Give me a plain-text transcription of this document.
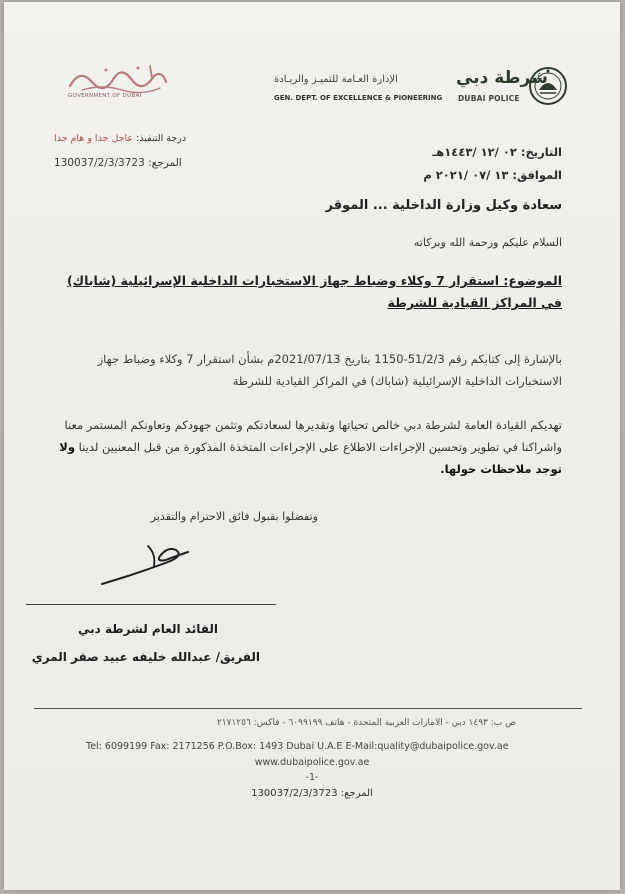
شرطة دبي
DUBAI POLICE
الإدارة العـامة للتميـز والريـادة
GEN. DEPT. OF EXCELLENCE & PIONEERING
GOVERNMENT OF DUBAI
التاريخ: ٠٢ /١٢ /١٤٤٣هـ
الموافق: ١٣ /٠٧ /٢٠٢١ م
درجة التنفيذ: عاجل جدا و هام جدا
المرجع: 130037/2/3/3723
سعادة وكيل وزارة الداخلية ... الموقر
السلام عليكم ورحمة الله وبركاته
الموضوع: استقرار 7 وكلاء وضباط جهاز الاستخبارات الداخلية الإسرائيلية (شاباك) في المراكز القيادية للشرطة
بالإشارة إلى كتابكم رقم 51/2/3-1150 بتاريخ 2021/07/13م بشأن استقرار 7 وكلاء وضباط جهاز الاستخبارات الداخلية الإسرائيلية (شاباك) في المراكز القيادية للشرطة
تهديكم القيادة العامة لشرطة دبي خالص تحياتها وتقديرها لسعادتكم وتثمن جهودكم وتعاونكم المستمر معنا واشراكنا في تطوير وتحسين الإجراءات الاطلاع على الإجراءات المتخذة المذكورة من قبل المعنيين لدينا ولا توجد ملاحظات حولها.
وتفضلوا بقبول فائق الاحترام والتقدير
القائد العام لشرطة دبي
الفريق/ عبدالله خليفه عبيد صقر المري
ص ب: ١٤٩٣ دبي - الامارات العربية المتحدة - هاتف ٦٠٩٩١٩٩ - فاكس: ٢١٧١٢٥٦
Tel: 6099199 Fax: 2171256 P.O.Box: 1493 Dubai U.A.E E-Mail:quality@dubaipolice.gov.ae
www.dubaipolice.gov.ae
-1-
المرجع: 130037/2/3/3723
